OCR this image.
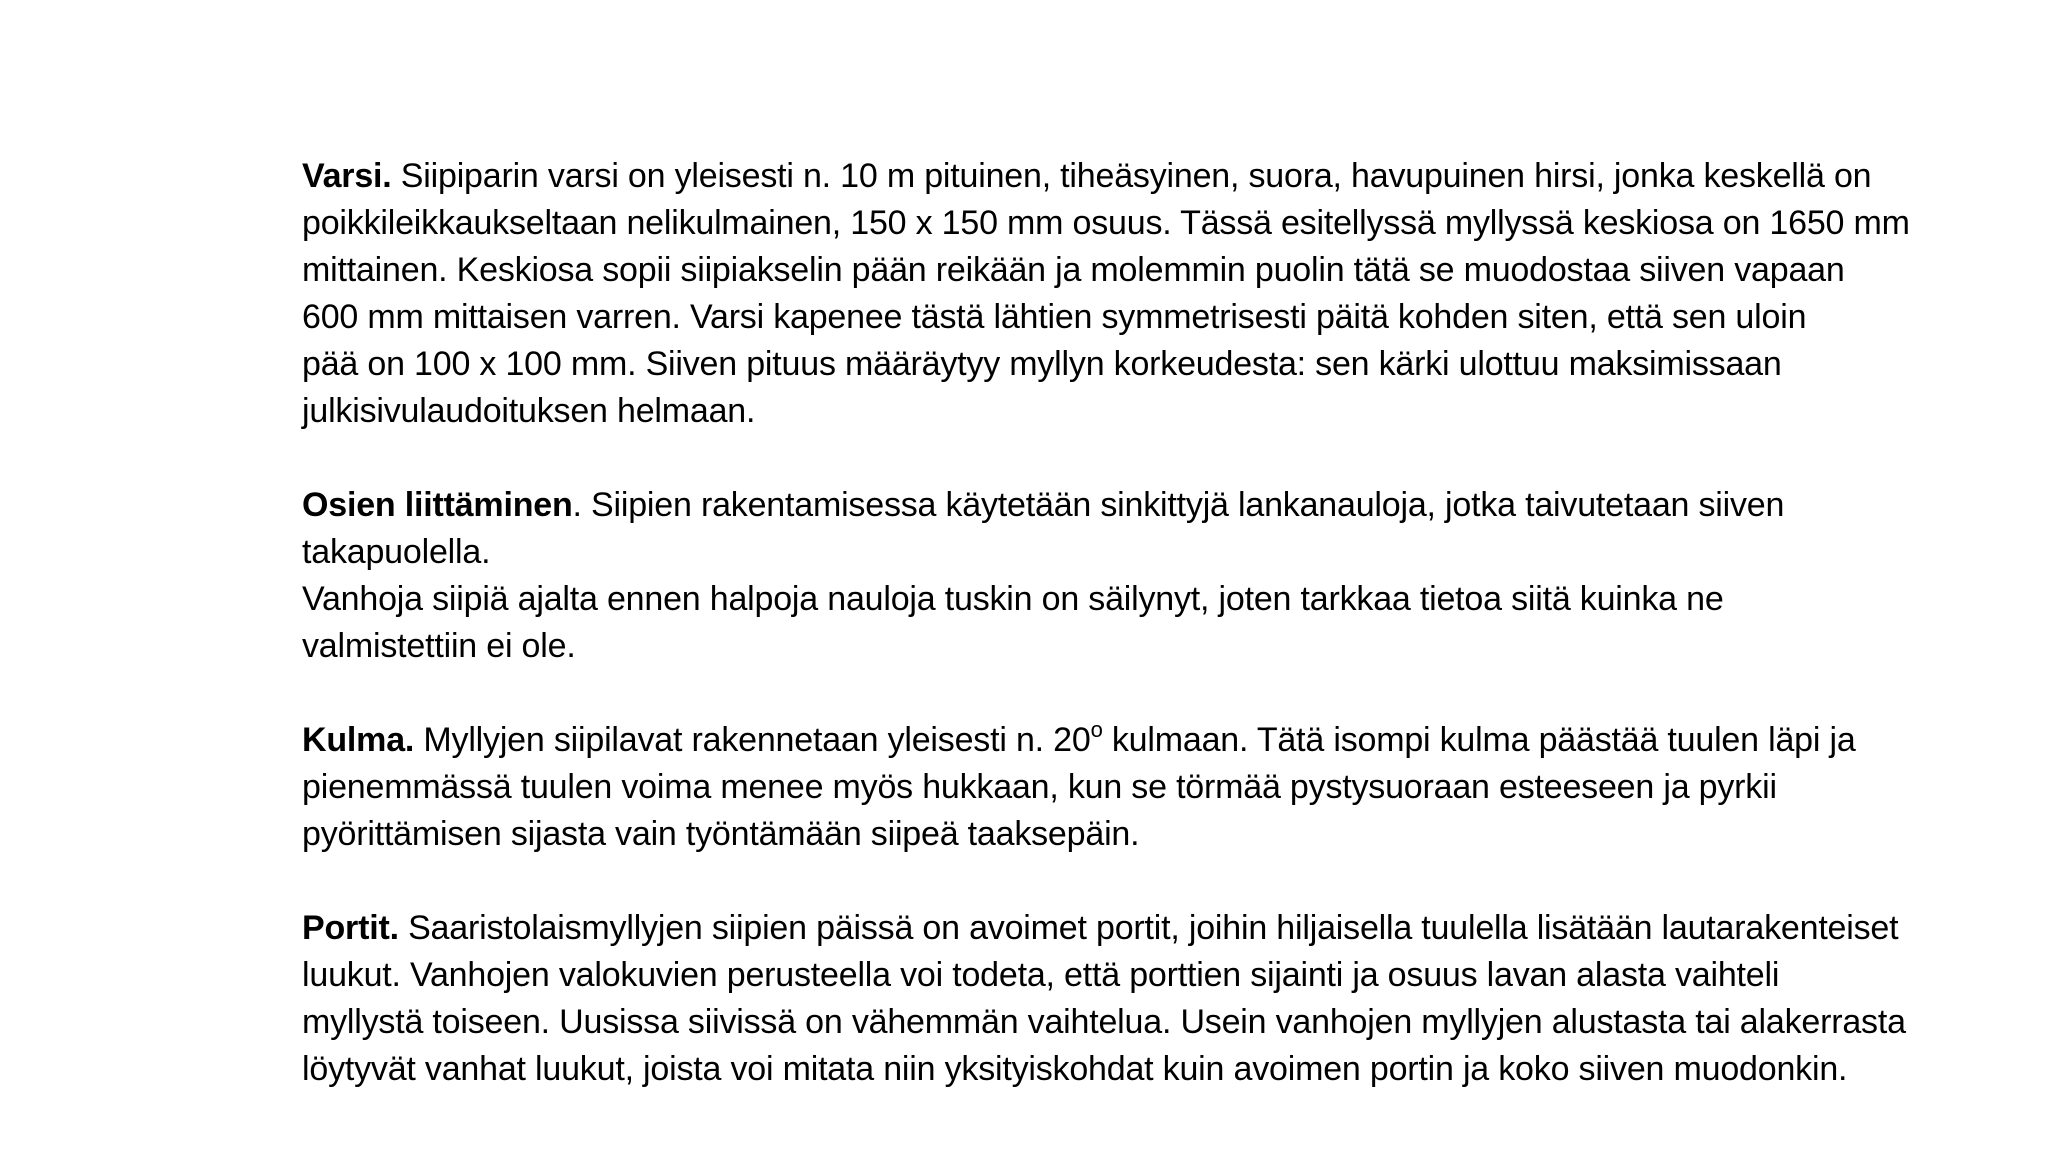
Varsi. Siipiparin varsi on yleisesti n. 10 m pituinen, tiheäsyinen, suora, havupuinen hirsi, jonka keskellä on
poikkileikkaukseltaan nelikulmainen, 150 x 150 mm osuus. Tässä esitellyssä myllyssä keskiosa on 1650 mm
mittainen. Keskiosa sopii siipiakselin pään reikään ja molemmin puolin tätä se muodostaa siiven vapaan
600 mm mittaisen varren. Varsi kapenee tästä lähtien symmetrisesti päitä kohden siten, että sen uloin
pää on 100 x 100 mm. Siiven pituus määräytyy myllyn korkeudesta: sen kärki ulottuu maksimissaan
julkisivulaudoituksen helmaan.

Osien liittäminen. Siipien rakentamisessa käytetään sinkittyjä lankanauloja, jotka taivutetaan siiven
takapuolella.
Vanhoja siipiä ajalta ennen halpoja nauloja tuskin on säilynyt, joten tarkkaa tietoa siitä kuinka ne
valmistettiin ei ole.

Kulma. Myllyjen siipilavat rakennetaan yleisesti n. 20$^o$ kulmaan. Tätä isompi kulma päästää tuulen läpi ja
pienemmässä tuulen voima menee myös hukkaan, kun se törmää pystysuoraan esteeseen ja pyrkii
pyörittämisen sijasta vain työntämään siipeä taaksepäin.

Portit. Saaristolaismyllyjen siipien päissä on avoimet portit, joihin hiljaisella tuulella lisätään lautarakenteiset
luukut. Vanhojen valokuvien perusteella voi todeta, että porttien sijainti ja osuus lavan alasta vaihteli
myllystä toiseen. Uusissa siivissä on vähemmän vaihtelua. Usein vanhojen myllyjen alustasta tai alakerrasta
löytyvät vanhat luukut, joista voi mitata niin yksityiskohdat kuin avoimen portin ja koko siiven muodonkin.
